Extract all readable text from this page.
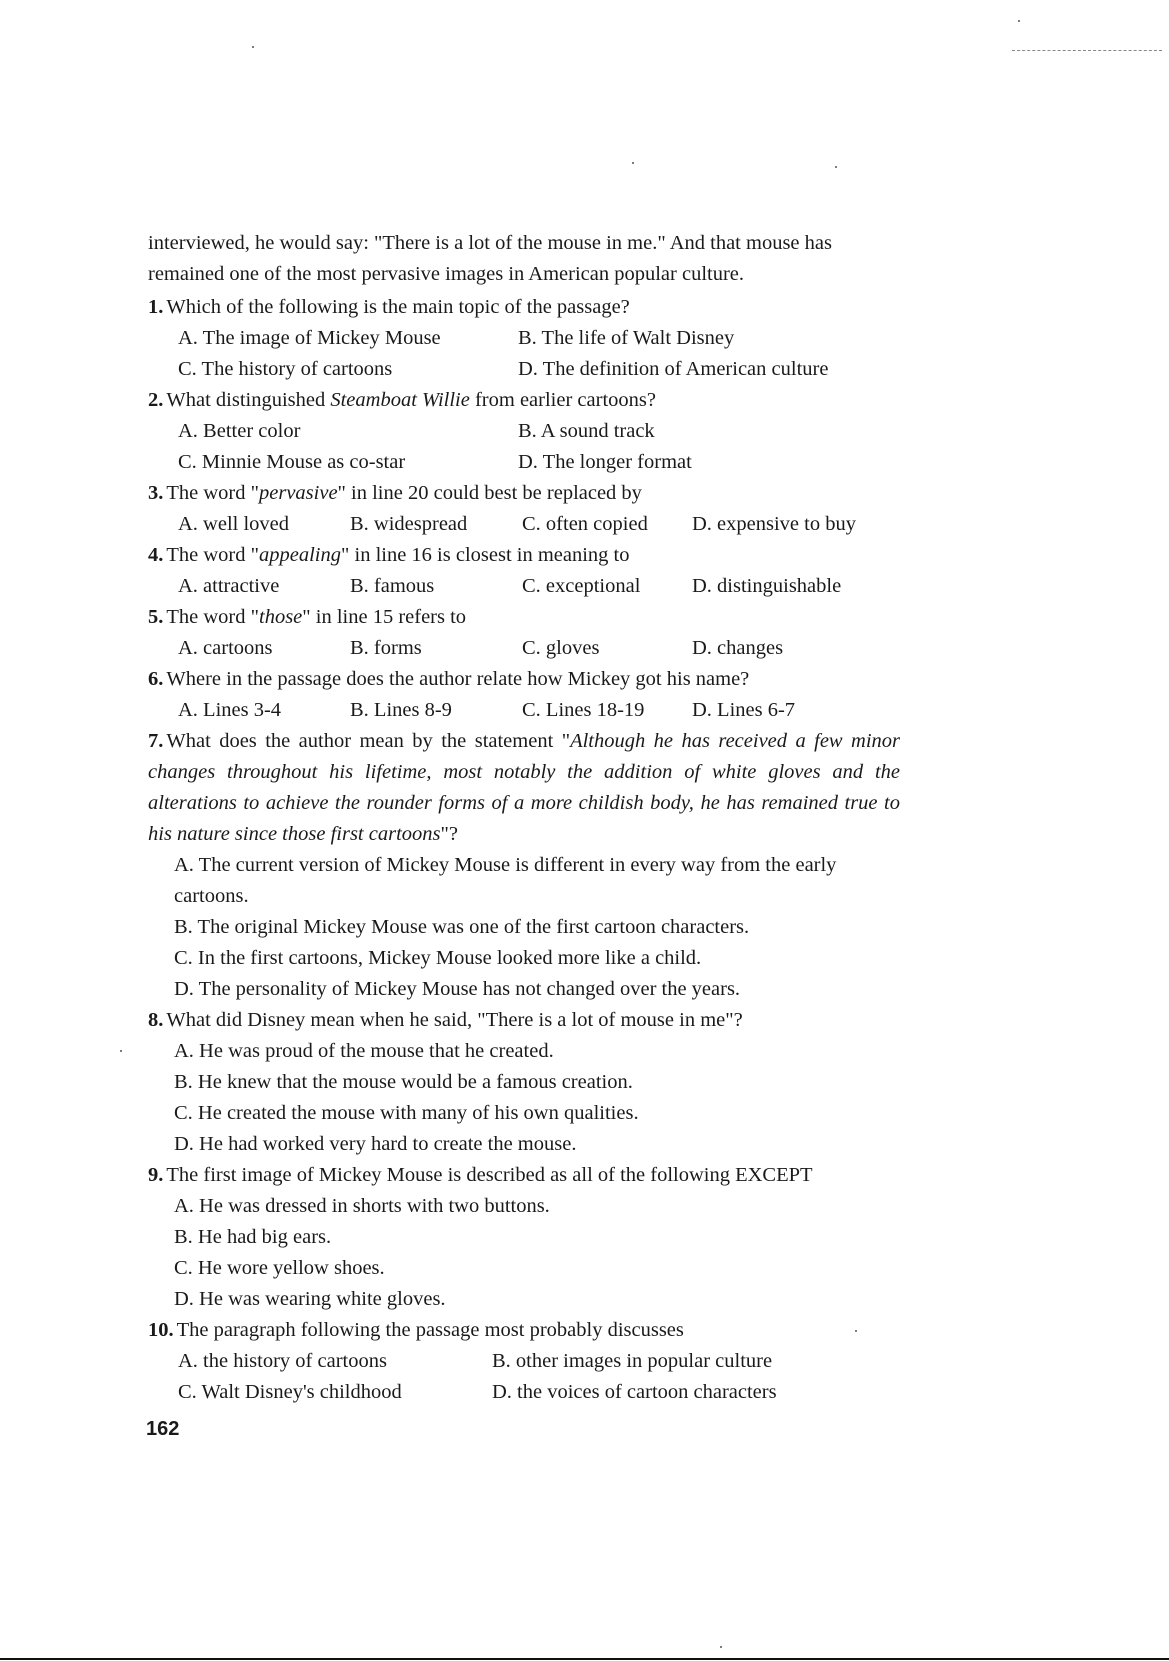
interviewed, he would say: "There is a lot of the mouse in me." And that mouse has remained one of the most pervasive images in American popular culture.

1. Which of the following is the main topic of the passage?
A. The image of Mickey Mouse	B. The life of Walt Disney
C. The history of cartoons	D. The definition of American culture
2. What distinguished Steamboat Willie from earlier cartoons?
A. Better color	B. A sound track
C. Minnie Mouse as co-star	D. The longer format
3. The word "pervasive" in line 20 could best be replaced by
A. well loved	B. widespread	C. often copied	D. expensive to buy
4. The word "appealing" in line 16 is closest in meaning to
A. attractive	B. famous	C. exceptional	D. distinguishable
5. The word "those" in line 15 refers to
A. cartoons	B. forms	C. gloves	D. changes
6. Where in the passage does the author relate how Mickey got his name?
A. Lines 3-4	B. Lines 8-9	C. Lines 18-19	D. Lines 6-7
7. What does the author mean by the statement "Although he has received a few minor changes throughout his lifetime, most notably the addition of white gloves and the alterations to achieve the rounder forms of a more childish body, he has remained true to his nature since those first cartoons"?
A. The current version of Mickey Mouse is different in every way from the early cartoons.
B. The original Mickey Mouse was one of the first cartoon characters.
C. In the first cartoons, Mickey Mouse looked more like a child.
D. The personality of Mickey Mouse has not changed over the years.
8. What did Disney mean when he said, "There is a lot of mouse in me"?
A. He was proud of the mouse that he created.
B. He knew that the mouse would be a famous creation.
C. He created the mouse with many of his own qualities.
D. He had worked very hard to create the mouse.
9. The first image of Mickey Mouse is described as all of the following EXCEPT
A. He was dressed in shorts with two buttons.
B. He had big ears.
C. He wore yellow shoes.
D. He was wearing white gloves.
10. The paragraph following the passage most probably discusses
A. the history of cartoons	B. other images in popular culture
C. Walt Disney's childhood	D. the voices of cartoon characters
162
